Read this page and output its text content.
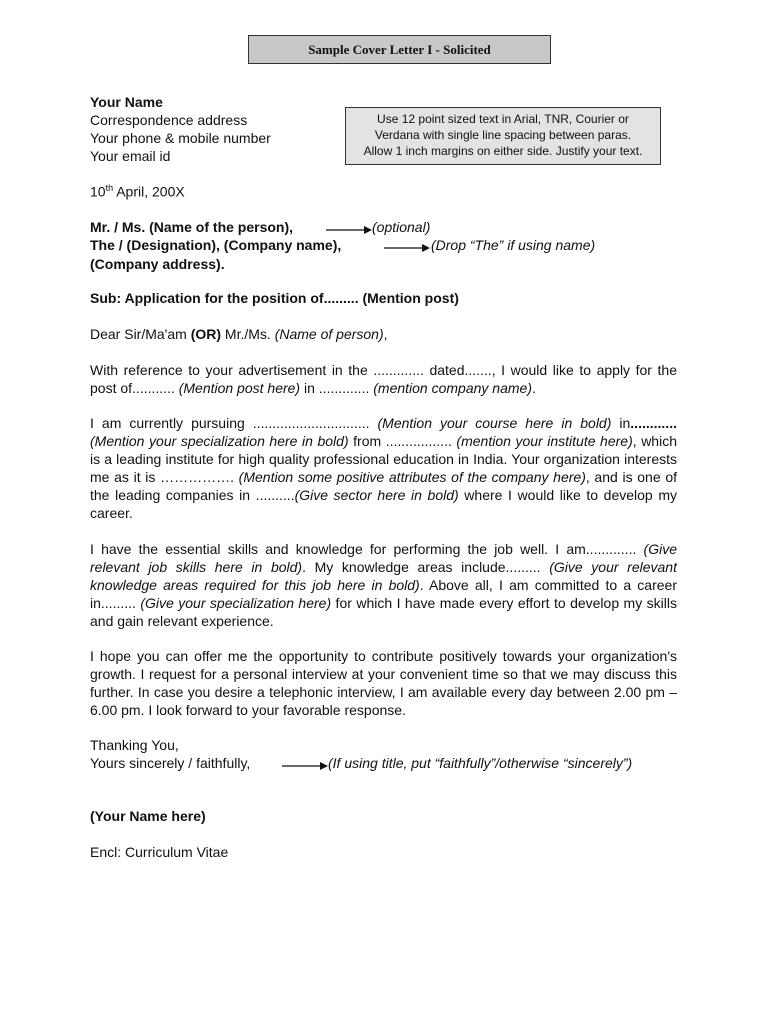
Sample Cover Letter I - Solicited
Use 12 point sized text in Arial, TNR, Courier or
Verdana with single line spacing between paras.
Allow 1 inch margins on either side. Justify your text.
Your Name
Correspondence address
Your phone & mobile number
Your email id
10th April, 200X
Mr. / Ms. (Name of the person),	(optional)
The / (Designation), (Company name),	(Drop “The” if using name)
(Company address).
Sub: Application for the position of......... (Mention post)
Dear Sir/Ma'am (OR) Mr./Ms. (Name of person),
With reference to your advertisement in the ............. dated......., I would like to apply for the post of........... (Mention post here) in ............. (mention company name).
I am currently pursuing .............................. (Mention your course here in bold) in............ (Mention your specialization here in bold) from ................. (mention your institute here), which is a leading institute for high quality professional education in India. Your organization interests me as it is ……………. (Mention some positive attributes of the company here), and is one of the leading companies in ..........(Give sector here in bold) where I would like to develop my career.
I have the essential skills and knowledge for performing the job well. I am............. (Give relevant job skills here in bold). My knowledge areas include......... (Give your relevant knowledge areas required for this job here in bold). Above all, I am committed to a career in......... (Give your specialization here) for which I have made every effort to develop my skills and gain relevant experience.
I hope you can offer me the opportunity to contribute positively towards your organization's growth. I request for a personal interview at your convenient time so that we may discuss this further. In case you desire a telephonic interview, I am available every day between 2.00 pm – 6.00 pm. I look forward to your favorable response.
Thanking You,
Yours sincerely / faithfully,	(If using title, put “faithfully”/otherwise “sincerely”)
(Your Name here)
Encl: Curriculum Vitae
